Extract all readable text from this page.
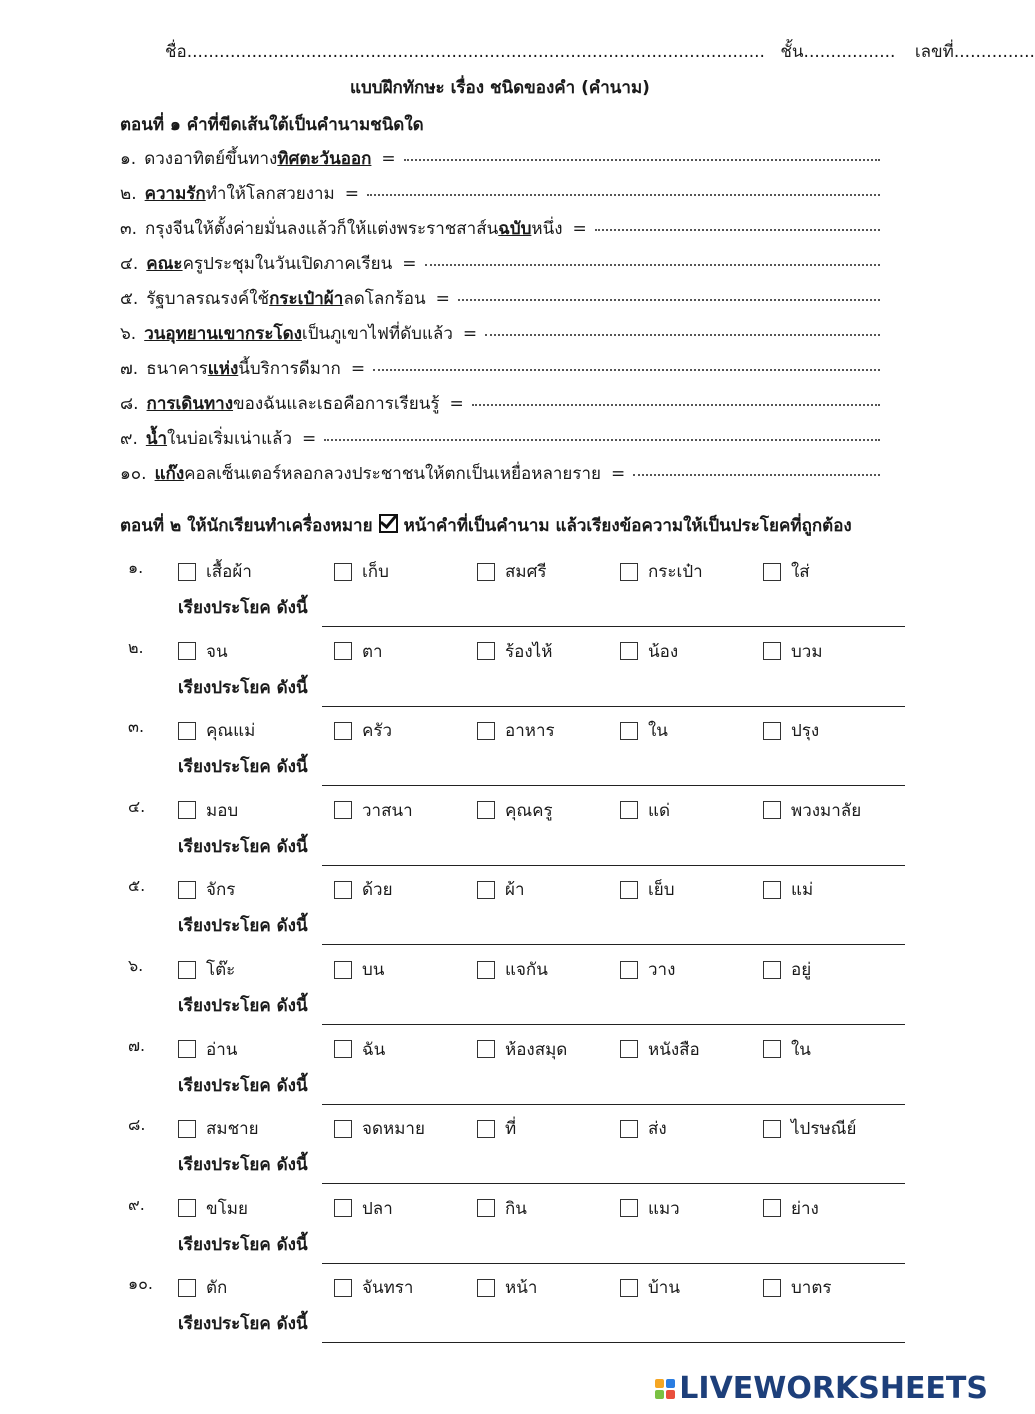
ชื่อ........................................................................................................... ชั้น................. เลขที่...............
แบบฝึกทักษะ เรื่อง ชนิดของคำ (คำนาม)
ตอนที่ ๑ คำที่ขีดเส้นใต้เป็นคำนามชนิดใด
๑. ดวงอาทิตย์ขึ้นทาง ทิศตะวันออก =
๒. ความรัก ทำให้โลกสวยงาม =
๓. กรุงจีนให้ตั้งค่ายมั่นลงแล้วก็ให้แต่งพระราชสาส์น ฉบับ หนึ่ง =
๔. คณะ ครูประชุมในวันเปิดภาคเรียน =
๕. รัฐบาลรณรงค์ใช้ กระเป๋าผ้า ลดโลกร้อน =
๖. วนอุทยานเขากระโดง เป็นภูเขาไฟที่ดับแล้ว =
๗. ธนาคาร แห่ง นี้บริการดีมาก =
๘. การเดินทาง ของฉันและเธอคือการเรียนรู้ =
๙. น้ำ ในบ่อเริ่มเน่าแล้ว =
๑๐. แก๊ง คอลเซ็นเตอร์หลอกลวงประชาชนให้ตกเป็นเหยื่อหลายราย =
ตอนที่ ๒ ให้นักเรียนทำเครื่องหมาย หน้าคำที่เป็นคำนาม แล้วเรียงข้อความให้เป็นประโยคที่ถูกต้อง
๑.	เสื้อผ้า	เก็บ	สมศรี	กระเป๋า	ใส่
เรียงประโยค ดังนี้
๒.	จน	ตา	ร้องไห้	น้อง	บวม
เรียงประโยค ดังนี้
๓.	คุณแม่	ครัว	อาหาร	ใน	ปรุง
เรียงประโยค ดังนี้
๔.	มอบ	วาสนา	คุณครู	แด่	พวงมาลัย
เรียงประโยค ดังนี้
๕.	จักร	ด้วย	ผ้า	เย็บ	แม่
เรียงประโยค ดังนี้
๖.	โต๊ะ	บน	แจกัน	วาง	อยู่
เรียงประโยค ดังนี้
๗.	อ่าน	ฉัน	ห้องสมุด	หนังสือ	ใน
เรียงประโยค ดังนี้
๘.	สมชาย	จดหมาย	ที่	ส่ง	ไปรษณีย์
เรียงประโยค ดังนี้
๙.	ขโมย	ปลา	กิน	แมว	ย่าง
เรียงประโยค ดังนี้
๑๐.	ตัก	จันทรา	หน้า	บ้าน	บาตร
เรียงประโยค ดังนี้
LIVEWORKSHEETS
